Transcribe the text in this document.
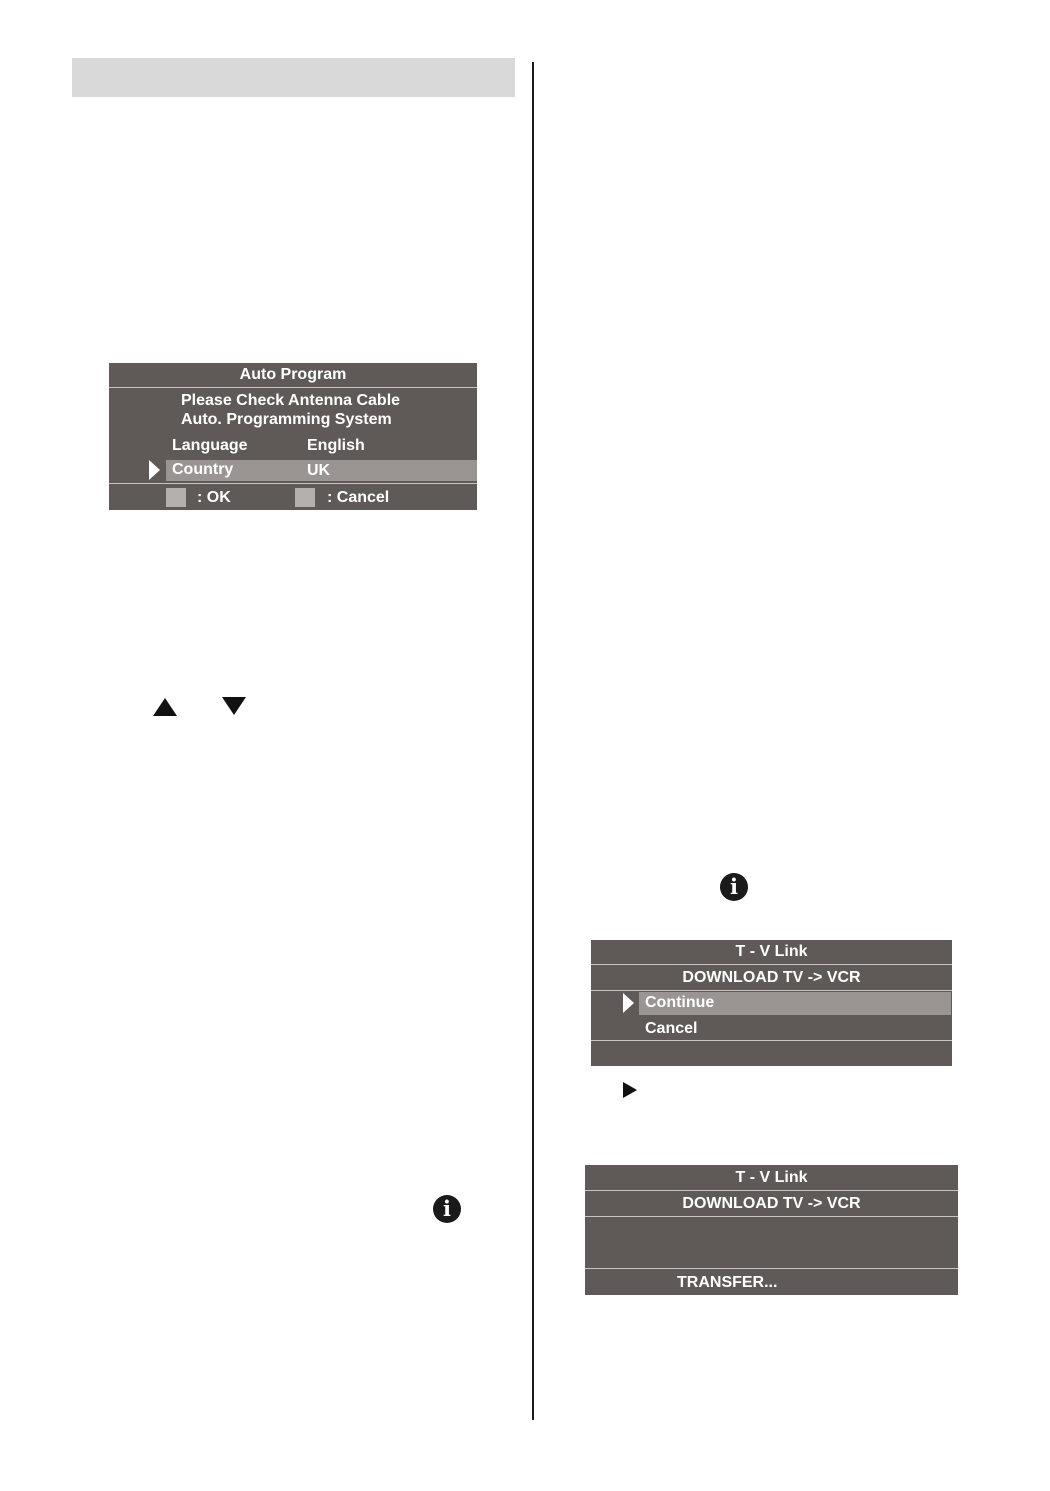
Auto Program
Please Check Antenna Cable
Auto. Programming System
Language	English
Country	UK
: OK	: Cancel
i
i
T - V Link
DOWNLOAD TV -> VCR
Continue
Cancel
T - V Link
DOWNLOAD TV -> VCR
TRANSFER...
